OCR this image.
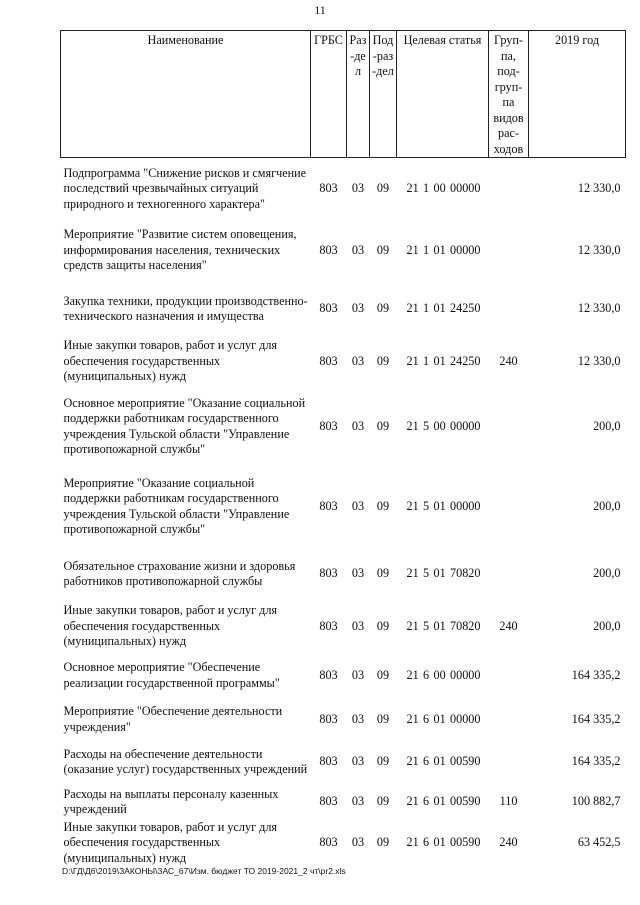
11
Наименование	ГРБС	Раз-дел	Под-раз-дел	Целевая статья	Груп-па, под-груп-па видов рас-ходов	2019 год
Подпрограмма "Снижение рисков и смягчение последствий чрезвычайных ситуаций природного и техногенного характера"	803	03	09	21 1 00 00000		12 330,0
Мероприятие "Развитие систем оповещения, информирования населения, технических средств защиты населения"	803	03	09	21 1 01 00000		12 330,0
Закупка техники, продукции производственно-технического назначения и имущества	803	03	09	21 1 01 24250		12 330,0
Иные закупки товаров, работ и услуг для обеспечения государственных (муниципальных) нужд	803	03	09	21 1 01 24250	240	12 330,0
Основное мероприятие "Оказание социальной поддержки работникам государственного учреждения Тульской области "Управление противопожарной службы"	803	03	09	21 5 00 00000		200,0
Мероприятие "Оказание социальной поддержки работникам государственного учреждения Тульской области "Управление противопожарной службы"	803	03	09	21 5 01 00000		200,0
Обязательное страхование жизни и здоровья работников противопожарной службы	803	03	09	21 5 01 70820		200,0
Иные закупки товаров, работ и услуг для обеспечения государственных (муниципальных) нужд	803	03	09	21 5 01 70820	240	200,0
Основное мероприятие "Обеспечение реализации государственной программы"	803	03	09	21 6 00 00000		164 335,2
Мероприятие "Обеспечение деятельности учреждения"	803	03	09	21 6 01 00000		164 335,2
Расходы на обеспечение деятельности (оказание услуг) государственных учреждений	803	03	09	21 6 01 00590		164 335,2
Расходы на выплаты персоналу казенных учреждений	803	03	09	21 6 01 00590	110	100 882,7
Иные закупки товаров, работ и услуг для обеспечения государственных (муниципальных) нужд	803	03	09	21 6 01 00590	240	63 452,5
D:\ГД\Д6\2019\ЗАКОНЫ\ЗАС_67\Изм. бюджет ТО 2019-2021_2 чт\pr2.xls
